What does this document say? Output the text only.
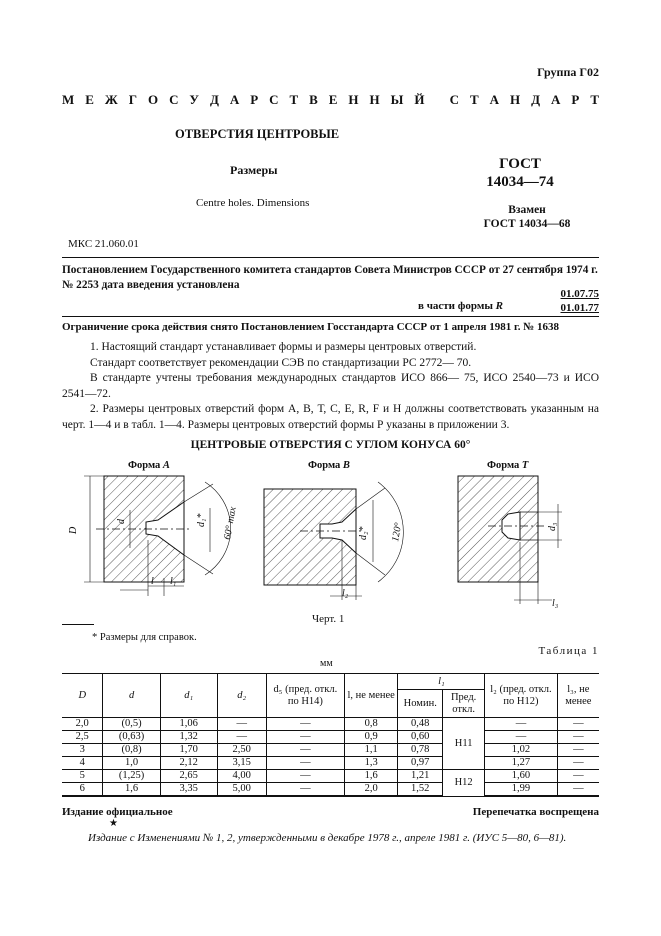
Группа Г02
М Е Ж Г О С У Д А Р С Т В Е Н Н Ы Й
С Т А Н Д А Р Т
ОТВЕРСТИЯ ЦЕНТРОВЫЕ
Размеры
Centre holes. Dimensions
ГОСТ
14034—74
Взамен
ГОСТ 14034—68
МКС 21.060.01
Постановлением Государственного комитета стандартов Совета Министров СССР от 27 сентября 1974 г. № 2253 дата введения установлена
01.07.75
01.01.77
в части формы R
Ограничение срока действия снято Постановлением Госстандарта СССР от 1 апреля 1981 г. № 1638

1. Настоящий стандарт устанавливает формы и размеры центровых отверстий.

Стандарт соответствует рекомендации СЭВ по стандартизации РС 2772— 70.

В стандарте учтены требования международных стандартов ИСО 866— 75, ИСО 2540—73 и ИСО 2541—72.

2. Размеры центровых отверстий форм А, В, Т, С, Е, R, F и Н должны соответствовать указанным на черт. 1—4 и в табл. 1—4. Размеры центровых отверстий формы Р указаны в приложении 3.

ЦЕНТРОВЫЕ ОТВЕРСТИЯ С УГЛОМ КОНУСА 60°
Форма A	Форма B	Форма T
D
d	d₁* 60° max
l l₁
d₂* 120°
l₂
d₃
l₃
Черт. 1
* Размеры для справок.
Таблица 1
мм
D	d	d₁	d₂	d₅ (пред. откл. по Н14)	l, не менее	l₁		l₂ (пред. откл. по Н12)	l₃, не менее
						Номин.	Пред. откл.		
2,0	(0,5)	1,06	—	—	0,8	0,48	Н11	—	—
2,5	(0,63)	1,32	—	—	0,9	0,60		—	—
3	(0,8)	1,70	2,50	—	1,1	0,78		1,02	—
4	1,0	2,12	3,15	—	1,3	0,97		1,27	—
5	(1,25)	2,65	4,00	—	1,6	1,21	Н12	1,60	—
6	1,6	3,35	5,00	—	2,0	1,52		1,99	—
Издание официальное
★
Перепечатка воспрещена
Издание с Изменениями № 1, 2, утвержденными в декабре 1978 г., апреле 1981 г. (ИУС 5—80, 6—81).
